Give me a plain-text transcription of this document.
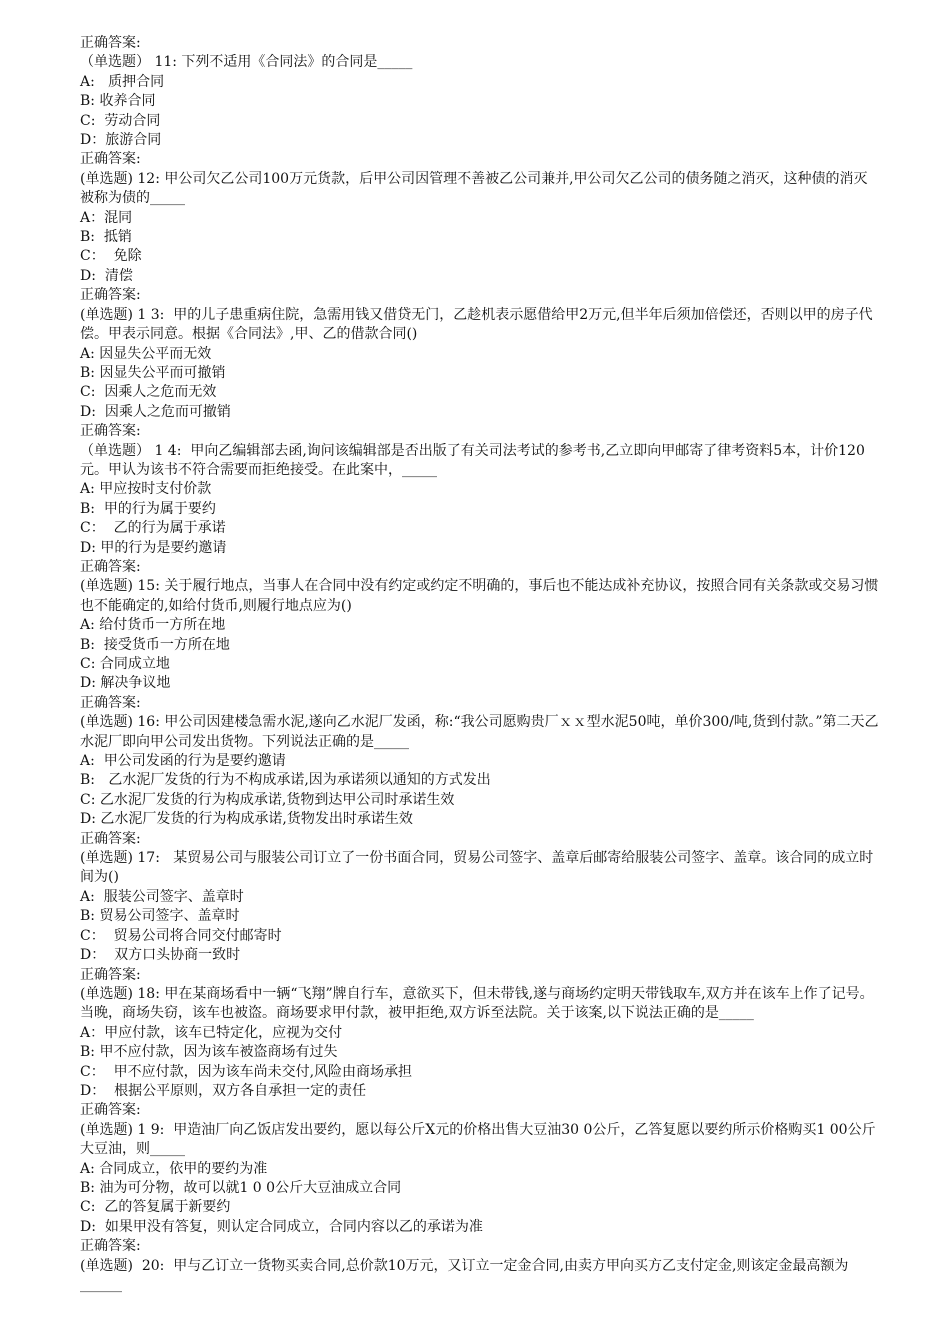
正确答案:
（单选题） 11: 下列不适用《合同法》的合同是_____
A:   质押合同
B: 收养合同
C:  劳动合同
D：旅游合同
正确答案:
(单选题) 12: 甲公司欠乙公司100万元货款，后甲公司因管理不善被乙公司兼并,甲公司欠乙公司的债务随之消灭，这种债的消灭被称为债的_____
A：混同
B:  抵销
C：  免除
D:  清偿
正确答案:
(单选题) 1 3:  甲的儿子患重病住院，急需用钱又借贷无门，乙趁机表示愿借给甲2万元,但半年后须加倍偿还，否则以甲的房子代偿。甲表示同意。根据《合同法》,甲、乙的借款合同()
A: 因显失公平而无效
B: 因显失公平而可撤销
C:  因乘人之危而无效
D:  因乘人之危而可撤销
正确答案:
（单选题） 1 4:  甲向乙编辑部去函,询问该编辑部是否出版了有关司法考试的参考书,乙立即向甲邮寄了律考资料5本，计价120元。甲认为该书不符合需要而拒绝接受。在此案中，_____
A: 甲应按时支付价款
B:  甲的行为属于要约
C：  乙的行为属于承诺
D: 甲的行为是要约邀请
正确答案:
(单选题) 15: 关于履行地点，当事人在合同中没有约定或约定不明确的，事后也不能达成补充协议，按照合同有关条款或交易习惯也不能确定的,如给付货币,则履行地点应为()
A: 给付货币一方所在地
B:  接受货币一方所在地
C: 合同成立地
D: 解决争议地
正确答案:
(单选题) 16: 甲公司因建楼急需水泥,遂向乙水泥厂发函，称:“我公司愿购贵厂ｘｘ型水泥50吨，单价300/吨,货到付款。”第二天乙水泥厂即向甲公司发出货物。下列说法正确的是_____
A:  甲公司发函的行为是要约邀请
B:   乙水泥厂发货的行为不构成承诺,因为承诺须以通知的方式发出
C: 乙水泥厂发货的行为构成承诺,货物到达甲公司时承诺生效
D: 乙水泥厂发货的行为构成承诺,货物发出时承诺生效
正确答案:
(单选题) 17:   某贸易公司与服装公司订立了一份书面合同，贸易公司签字、盖章后邮寄给服装公司签字、盖章。该合同的成立时间为()
A:  服装公司签字、盖章时
B: 贸易公司签字、盖章时
C：  贸易公司将合同交付邮寄时
D：  双方口头协商一致时
正确答案:
(单选题) 18: 甲在某商场看中一辆“飞翔”牌自行车，意欲买下，但未带钱,遂与商场约定明天带钱取车,双方并在该车上作了记号。当晚，商场失窃，该车也被盗。商场要求甲付款，被甲拒绝,双方诉至法院。关于该案,以下说法正确的是_____
A：甲应付款，该车已特定化，应视为交付
B: 甲不应付款，因为该车被盗商场有过失
C：  甲不应付款，因为该车尚未交付,风险由商场承担
D：  根据公平原则，双方各自承担一定的责任
正确答案:
(单选题) 1 9:  甲造油厂向乙饭店发出要约，愿以每公斤X元的价格出售大豆油30 0公斤，乙答复愿以要约所示价格购买1 00公斤大豆油，则_____
A: 合同成立，依甲的要约为准
B: 油为可分物，故可以就1 0 0公斤大豆油成立合同
C:  乙的答复属于新要约
D:  如果甲没有答复，则认定合同成立，合同内容以乙的承诺为准
正确答案:
(单选题)  20:  甲与乙订立一货物买卖合同,总价款10万元，又订立一定金合同,由卖方甲向买方乙支付定金,则该定金最高额为______
